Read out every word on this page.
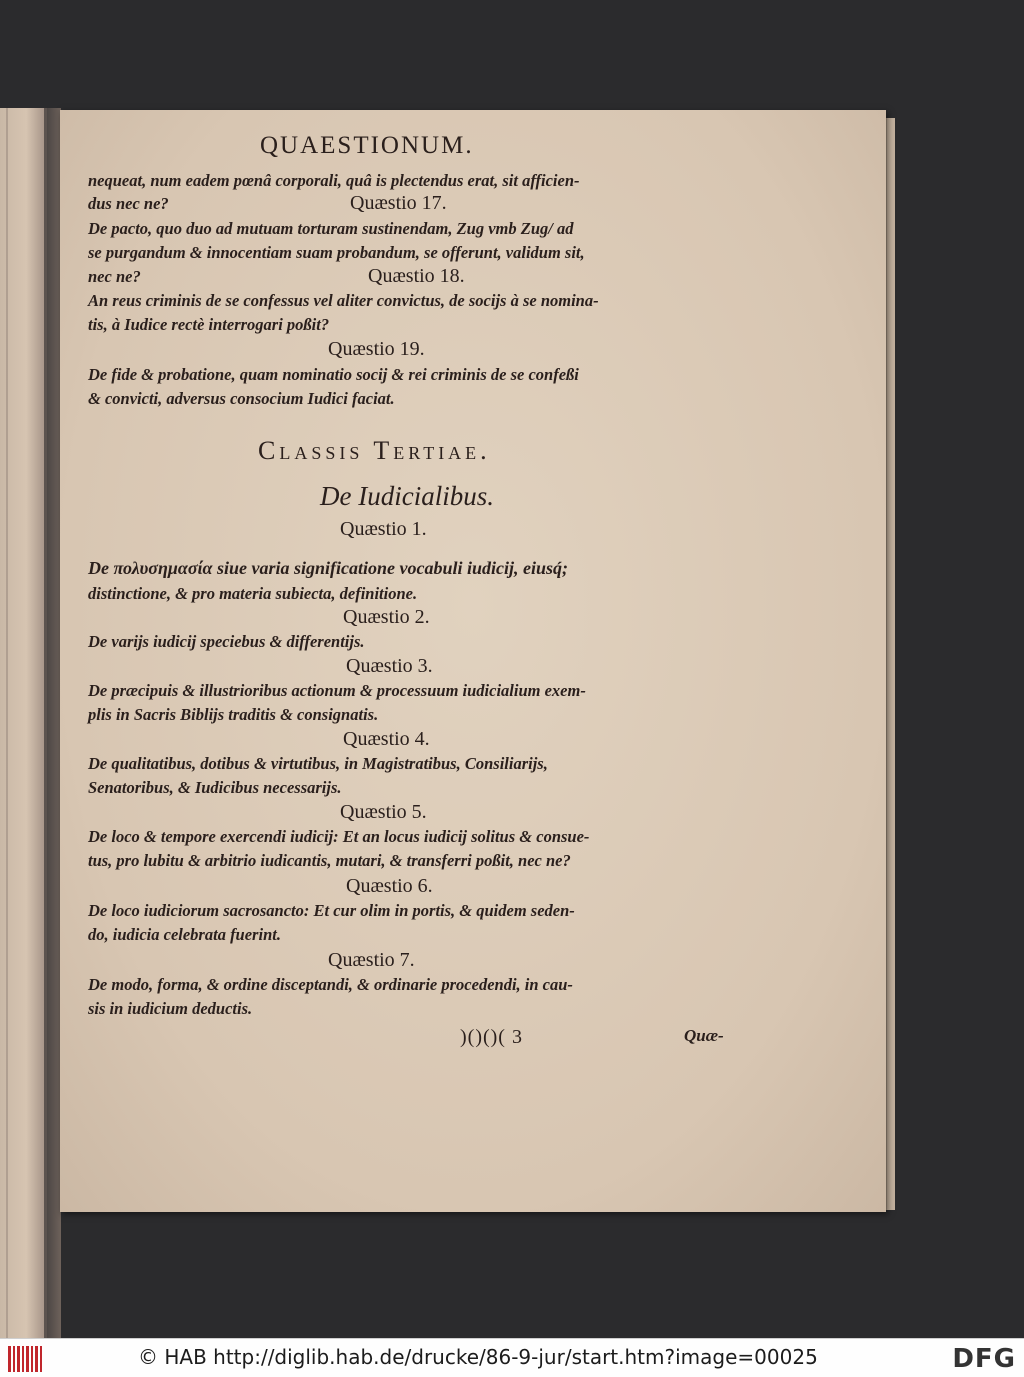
QUAESTIONUM.
nequeat, num eadem pœnâ corporali, quâ is plectendus erat, sit afficien-
dus nec ne?	Quæstio 17.
De pacto, quo duo ad mutuam torturam sustinendam, Zug vmb Zug/ ad
se purgandum & innocentiam suam probandum, se offerunt, validum sit,
nec ne?	Quæstio 18.
An reus criminis de se confessus vel aliter convictus, de socijs à se nomina-
tis, à Iudice rectè interrogari poßit?
Quæstio 19.
De fide & probatione, quam nominatio socij & rei criminis de se confeßi
& convicti, adversus consocium Iudici faciat.
Classis Tertiae.
De Iudicialibus.
Quæstio 1.
De πολυσημασία siue varia significatione vocabuli iudicij, eiusq́;
distinctione, & pro materia subiecta, definitione.
Quæstio 2.
De varijs iudicij speciebus & differentijs.
Quæstio 3.
De præcipuis & illustrioribus actionum & processuum iudicialium exem-
plis in Sacris Biblijs traditis & consignatis.
Quæstio 4.
De qualitatibus, dotibus & virtutibus, in Magistratibus, Consiliarijs,
Senatoribus, & Iudicibus necessarijs.
Quæstio 5.
De loco & tempore exercendi iudicij: Et an locus iudicij solitus & consue-
tus, pro lubitu & arbitrio iudicantis, mutari, & transferri poßit, nec ne?
Quæstio 6.
De loco iudiciorum sacrosancto: Et cur olim in portis, & quidem seden-
do, iudicia celebrata fuerint.
Quæstio 7.
De modo, forma, & ordine disceptandi, & ordinarie procedendi, in cau-
sis in iudicium deductis.
)()()( 3	Quæ-
© HAB http://diglib.hab.de/drucke/86-9-jur/start.htm?image=00025	DFG
